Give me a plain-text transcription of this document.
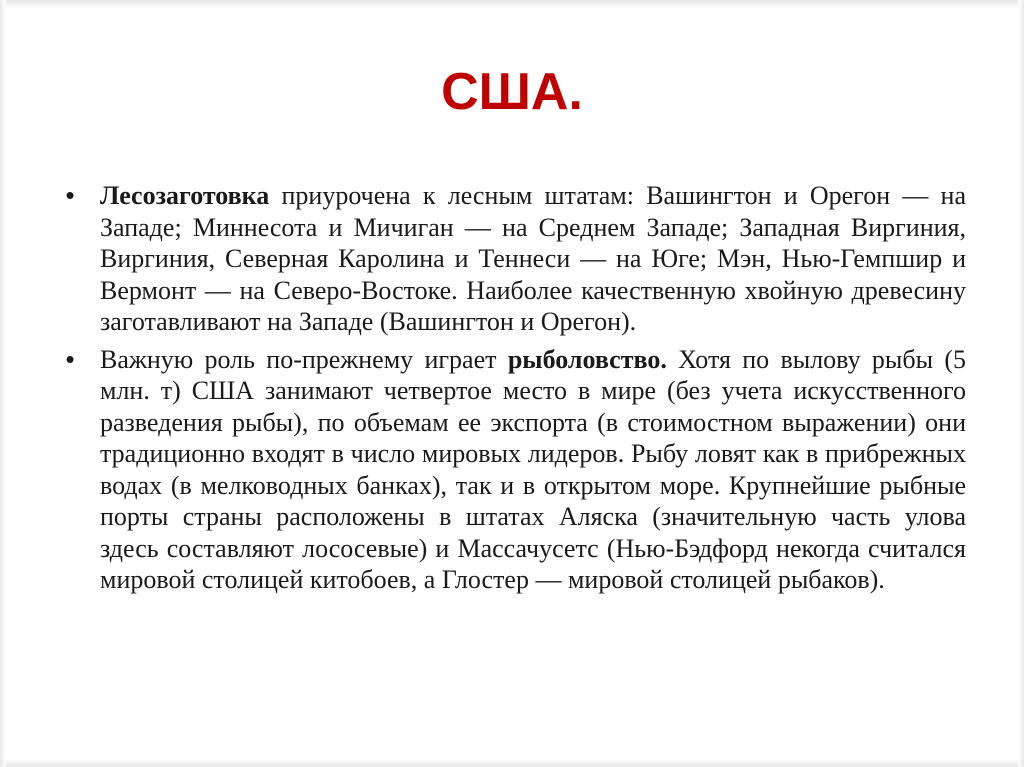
США.

• Лесозаготовка приурочена к лесным штатам: Вашингтон и Орегон — на Западе; Миннесота и Мичиган — на Среднем Западе; Западная Виргиния, Виргиния, Северная Каролина и Теннеси — на Юге; Мэн, Нью-Гемпшир и Вермонт — на Северо-Востоке. Наиболее качественную хвойную древесину заготавливают на Западе (Вашингтон и Орегон).

• Важную роль по-прежнему играет рыболовство. Хотя по вылову рыбы (5 млн. т) США занимают четвертое место в мире (без учета искусственного разведения рыбы), по объемам ее экспорта (в стоимостном выражении) они традиционно входят в число мировых лидеров. Рыбу ловят как в прибрежных водах (в мелководных банках), так и в открытом море. Крупнейшие рыбные порты страны расположены в штатах Аляска (значительную часть улова здесь составляют лососевые) и Массачусетс (Нью-Бэдфорд некогда считался мировой столицей китобоев, а Глостер — мировой столицей рыбаков).
